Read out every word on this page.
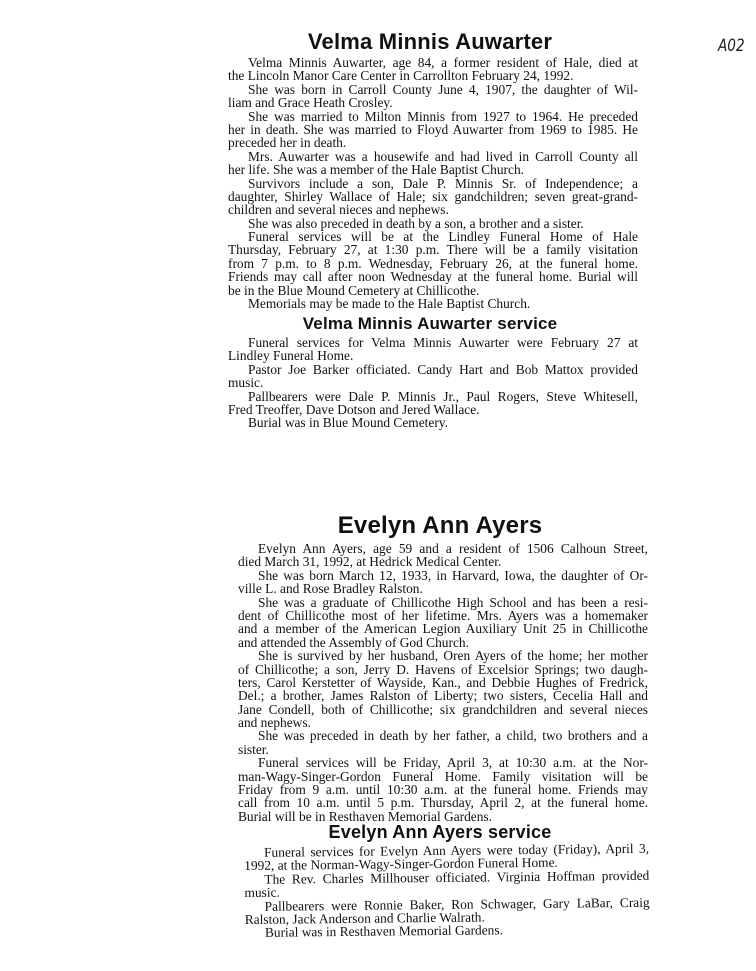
A02
Velma Minnis Auwarter
Velma Minnis Auwarter, age 84, a former resident of Hale, died at
the Lincoln Manor Care Center in Carrollton February 24, 1992.
She was born in Carroll County June 4, 1907, the daughter of Wil-
liam and Grace Heath Crosley.
She was married to Milton Minnis from 1927 to 1964. He preceded
her in death. She was married to Floyd Auwarter from 1969 to 1985. He
preceded her in death.
Mrs. Auwarter was a housewife and had lived in Carroll County all
her life. She was a member of the Hale Baptist Church.
Survivors include a son, Dale P. Minnis Sr. of Independence; a
daughter, Shirley Wallace of Hale; six gandchildren; seven great-grand-
children and several nieces and nephews.
She was also preceded in death by a son, a brother and a sister.
Funeral services will be at the Lindley Funeral Home of Hale
Thursday, February 27, at 1:30 p.m. There will be a family visitation
from 7 p.m. to 8 p.m. Wednesday, February 26, at the funeral home.
Friends may call after noon Wednesday at the funeral home. Burial will
be in the Blue Mound Cemetery at Chillicothe.
Memorials may be made to the Hale Baptist Church.
Velma Minnis Auwarter service
Funeral services for Velma Minnis Auwarter were February 27 at
Lindley Funeral Home.
Pastor Joe Barker officiated. Candy Hart and Bob Mattox provided
music.
Pallbearers were Dale P. Minnis Jr., Paul Rogers, Steve Whitesell,
Fred Treoffer, Dave Dotson and Jered Wallace.
Burial was in Blue Mound Cemetery.
Evelyn Ann Ayers
Evelyn Ann Ayers, age 59 and a resident of 1506 Calhoun Street,
died March 31, 1992, at Hedrick Medical Center.
She was born March 12, 1933, in Harvard, Iowa, the daughter of Or-
ville L. and Rose Bradley Ralston.
She was a graduate of Chillicothe High School and has been a resi-
dent of Chillicothe most of her lifetime. Mrs. Ayers was a homemaker
and a member of the American Legion Auxiliary Unit 25 in Chillicothe
and attended the Assembly of God Church.
She is survived by her husband, Oren Ayers of the home; her mother
of Chillicothe; a son, Jerry D. Havens of Excelsior Springs; two daugh-
ters, Carol Kerstetter of Wayside, Kan., and Debbie Hughes of Fredrick,
Del.; a brother, James Ralston of Liberty; two sisters, Cecelia Hall and
Jane Condell, both of Chillicothe; six grandchildren and several nieces
and nephews.
She was preceded in death by her father, a child, two brothers and a
sister.
Funeral services will be Friday, April 3, at 10:30 a.m. at the Nor-
man-Wagy-Singer-Gordon Funeral Home. Family visitation will be
Friday from 9 a.m. until 10:30 a.m. at the funeral home. Friends may
call from 10 a.m. until 5 p.m. Thursday, April 2, at the funeral home.
Burial will be in Resthaven Memorial Gardens.
Evelyn Ann Ayers service
Funeral services for Evelyn Ann Ayers were today (Friday), April 3,
1992, at the Norman-Wagy-Singer-Gordon Funeral Home.
The Rev. Charles Millhouser officiated. Virginia Hoffman provided
music.
Pallbearers were Ronnie Baker, Ron Schwager, Gary LaBar, Craig
Ralston, Jack Anderson and Charlie Walrath.
Burial was in Resthaven Memorial Gardens.
